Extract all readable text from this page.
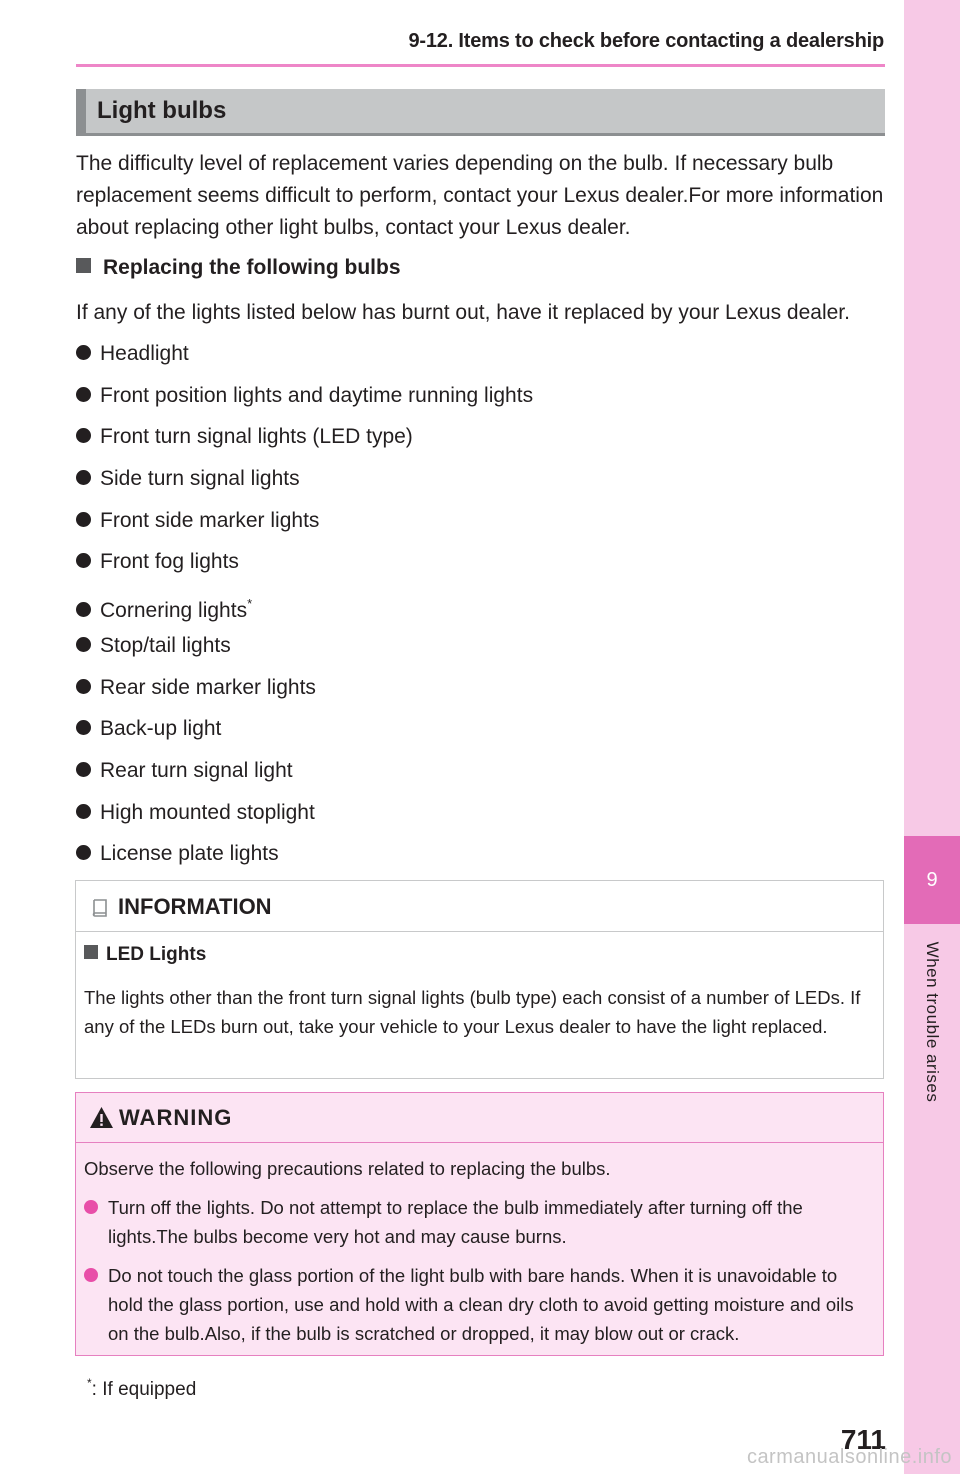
9-12. Items to check before contacting a dealership
9
When trouble arises
Light bulbs
The difficulty level of replacement varies depending on the bulb. If necessary bulb replacement seems difficult to perform, contact your Lexus dealer.For more information about replacing other light bulbs, contact your Lexus dealer.
Replacing the following bulbs
If any of the lights listed below has burnt out, have it replaced by your Lexus dealer.
Headlight
Front position lights and daytime running lights
Front turn signal lights (LED type)
Side turn signal lights
Front side marker lights
Front fog lights
Cornering lights*
Stop/tail lights
Rear side marker lights
Back-up light
Rear turn signal light
High mounted stoplight
License plate lights
INFORMATION
LED Lights
The lights other than the front turn signal lights (bulb type) each consist of a number of LEDs. If any of the LEDs burn out, take your vehicle to your Lexus dealer to have the light replaced.
WARNING
Observe the following precautions related to replacing the bulbs.
Turn off the lights. Do not attempt to replace the bulb immediately after turning off the lights.The bulbs become very hot and may cause burns.
Do not touch the glass portion of the light bulb with bare hands. When it is unavoidable to hold the glass portion, use and hold with a clean dry cloth to avoid getting moisture and oils on the bulb.Also, if the bulb is scratched or dropped, it may blow out or crack.
*: If equipped
711
carmanualsonline.info
